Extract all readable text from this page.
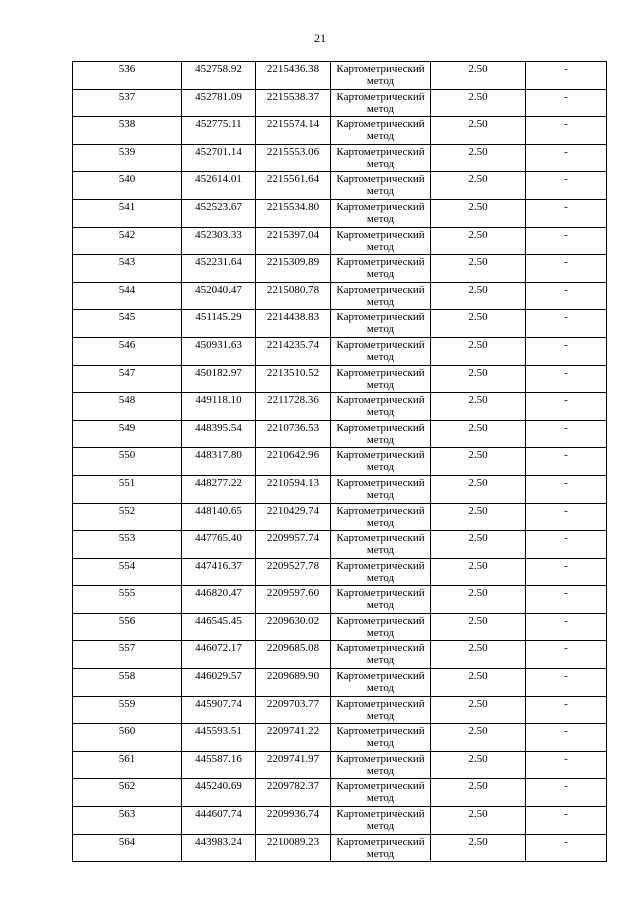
21
536	452758.92	2215436.38	Картометрический метод	2.50	-
537	452781.09	2215538.37	Картометрический метод	2.50	-
538	452775.11	2215574.14	Картометрический метод	2.50	-
539	452701.14	2215553.06	Картометрический метод	2.50	-
540	452614.01	2215561.64	Картометрический метод	2.50	-
541	452523.67	2215534.80	Картометрический метод	2.50	-
542	452303.33	2215397.04	Картометрический метод	2.50	-
543	452231.64	2215309.89	Картометрический метод	2.50	-
544	452040.47	2215080.78	Картометрический метод	2.50	-
545	451145.29	2214438.83	Картометрический метод	2.50	-
546	450931.63	2214235.74	Картометрический метод	2.50	-
547	450182.97	2213510.52	Картометрический метод	2.50	-
548	449118.10	2211728.36	Картометрический метод	2.50	-
549	448395.54	2210736.53	Картометрический метод	2.50	-
550	448317.80	2210642.96	Картометрический метод	2.50	-
551	448277.22	2210594.13	Картометрический метод	2.50	-
552	448140.65	2210429.74	Картометрический метод	2.50	-
553	447765.40	2209957.74	Картометрический метод	2.50	-
554	447416.37	2209527.78	Картометрический метод	2.50	-
555	446820.47	2209597.60	Картометрический метод	2.50	-
556	446545.45	2209630.02	Картометрический метод	2.50	-
557	446072.17	2209685.08	Картометрический метод	2.50	-
558	446029.57	2209689.90	Картометрический метод	2.50	-
559	445907.74	2209703.77	Картометрический метод	2.50	-
560	445593.51	2209741.22	Картометрический метод	2.50	-
561	445587.16	2209741.97	Картометрический метод	2.50	-
562	445240.69	2209782.37	Картометрический метод	2.50	-
563	444607.74	2209936.74	Картометрический метод	2.50	-
564	443983.24	2210089.23	Картометрический метод	2.50	-
